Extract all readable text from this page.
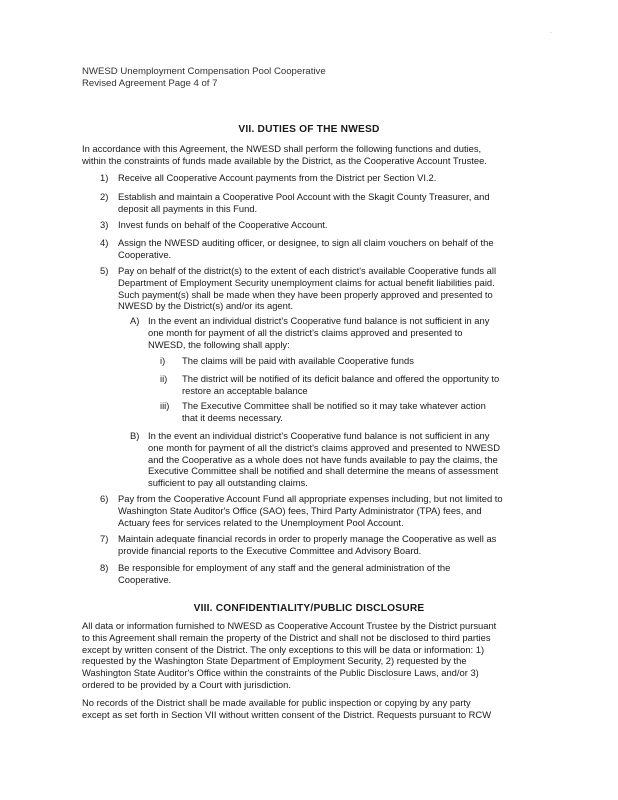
·
NWESD Unemployment Compensation Pool Cooperative
Revised Agreement Page 4 of 7
VII. DUTIES OF THE NWESD
In accordance with this Agreement, the NWESD shall perform the following functions and duties,
within the constraints of funds made available by the District, as the Cooperative Account Trustee.
1) Receive all Cooperative Account payments from the District per Section VI.2.
2) Establish and maintain a Cooperative Pool Account with the Skagit County Treasurer, and
deposit all payments in this Fund.
3) Invest funds on behalf of the Cooperative Account.
4) Assign the NWESD auditing officer, or designee, to sign all claim vouchers on behalf of the
Cooperative.
5) Pay on behalf of the district(s) to the extent of each district's available Cooperative funds all
Department of Employment Security unemployment claims for actual benefit liabilities paid.
Such payment(s) shall be made when they have been properly approved and presented to
NWESD by the District(s) and/or its agent.
A) In the event an individual district's Cooperative fund balance is not sufficient in any
one month for payment of all the district's claims approved and presented to
NWESD, the following shall apply:
i) The claims will be paid with available Cooperative funds
ii) The district will be notified of its deficit balance and offered the opportunity to
restore an acceptable balance
iii) The Executive Committee shall be notified so it may take whatever action
that it deems necessary.
B) In the event an individual district's Cooperative fund balance is not sufficient in any
one month for payment of all the district's claims approved and presented to NWESD
and the Cooperative as a whole does not have funds available to pay the claims, the
Executive Committee shall be notified and shall determine the means of assessment
sufficient to pay all outstanding claims.
6) Pay from the Cooperative Account Fund all appropriate expenses including, but not limited to
Washington State Auditor's Office (SAO) fees, Third Party Administrator (TPA) fees, and
Actuary fees for services related to the Unemployment Pool Account.
7) Maintain adequate financial records in order to properly manage the Cooperative as well as
provide financial reports to the Executive Committee and Advisory Board.
8) Be responsible for employment of any staff and the general administration of the
Cooperative.
VIII. CONFIDENTIALITY/PUBLIC DISCLOSURE
All data or information furnished to NWESD as Cooperative Account Trustee by the District pursuant
to this Agreement shall remain the property of the District and shall not be disclosed to third parties
except by written consent of the District. The only exceptions to this will be data or information: 1)
requested by the Washington State Department of Employment Security, 2) requested by the
Washington State Auditor's Office within the constraints of the Public Disclosure Laws, and/or 3)
ordered to be provided by a Court with jurisdiction.
No records of the District shall be made available for public inspection or copying by any party
except as set forth in Section VII without written consent of the District. Requests pursuant to RCW
